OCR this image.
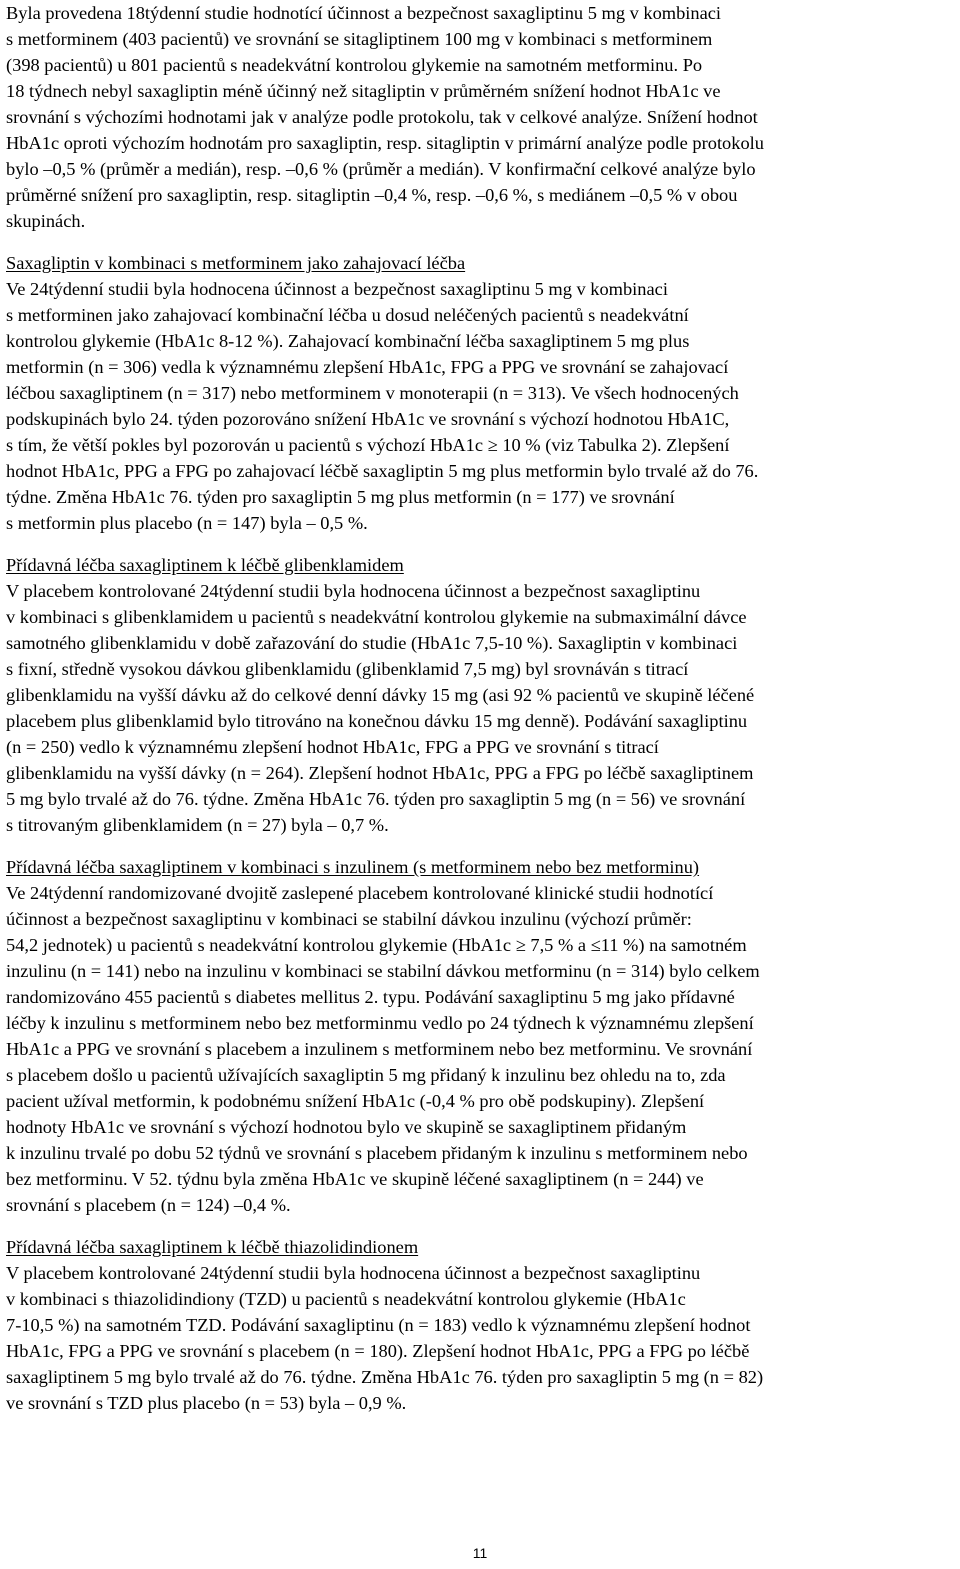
Byla provedena 18týdenní studie hodnotící účinnost a bezpečnost saxagliptinu 5 mg v kombinaci
s metforminem (403 pacientů) ve srovnání se sitagliptinem 100 mg v kombinaci s metforminem
(398 pacientů) u 801 pacientů s neadekvátní kontrolou glykemie na samotném metforminu. Po
18 týdnech nebyl saxagliptin méně účinný než sitagliptin v průměrném snížení hodnot HbA1c ve
srovnání s výchozími hodnotami jak v analýze podle protokolu, tak v celkové analýze. Snížení hodnot
HbA1c oproti výchozím hodnotám pro saxagliptin, resp. sitagliptin v primární analýze podle protokolu
bylo –0,5 % (průměr a medián), resp. –0,6 % (průměr a medián). V konfirmační celkové analýze bylo
průměrné snížení pro saxagliptin, resp. sitagliptin –0,4 %, resp. –0,6 %, s mediánem –0,5 % v obou
skupinách.
Saxagliptin v kombinaci s metforminem jako zahajovací léčba
Ve 24týdenní studii byla hodnocena účinnost a bezpečnost saxagliptinu 5 mg v kombinaci
s metforminen jako zahajovací kombinační léčba u dosud neléčených pacientů s neadekvátní
kontrolou glykemie (HbA1c 8-12 %). Zahajovací kombinační léčba saxagliptinem 5 mg plus
metformin (n = 306) vedla k významnému zlepšení HbA1c, FPG a PPG ve srovnání se zahajovací
léčbou saxagliptinem (n = 317) nebo metforminem v monoterapii (n = 313). Ve všech hodnocených
podskupinách bylo 24. týden pozorováno snížení HbA1c ve srovnání s výchozí hodnotou HbA1C,
s tím, že větší pokles byl pozorován u pacientů s výchozí HbA1c ≥ 10 % (viz Tabulka 2). Zlepšení
hodnot HbA1c, PPG a FPG po zahajovací léčbě saxagliptin 5 mg plus metformin bylo trvalé až do 76.
týdne. Změna HbA1c 76. týden pro saxagliptin 5 mg plus metformin (n = 177) ve srovnání
s metformin plus placebo (n = 147) byla – 0,5 %.
Přídavná léčba saxagliptinem k léčbě glibenklamidem
V placebem kontrolované 24týdenní studii byla hodnocena účinnost a bezpečnost saxagliptinu
v kombinaci s glibenklamidem u pacientů s neadekvátní kontrolou glykemie na submaximální dávce
samotného glibenklamidu v době zařazování do studie (HbA1c 7,5-10 %). Saxagliptin v kombinaci
s fixní, středně vysokou dávkou glibenklamidu (glibenklamid 7,5 mg) byl srovnáván s titrací
glibenklamidu na vyšší dávku až do celkové denní dávky 15 mg (asi 92 % pacientů ve skupině léčené
placebem plus glibenklamid bylo titrováno na konečnou dávku 15 mg denně). Podávání saxagliptinu
(n = 250) vedlo k významnému zlepšení hodnot HbA1c, FPG a PPG ve srovnání s titrací
glibenklamidu na vyšší dávky (n = 264). Zlepšení hodnot HbA1c, PPG a FPG po léčbě saxagliptinem
5 mg bylo trvalé až do 76. týdne. Změna HbA1c 76. týden pro saxagliptin 5 mg (n = 56) ve srovnání
s titrovaným glibenklamidem (n = 27) byla – 0,7 %.
Přídavná léčba saxagliptinem v kombinaci s inzulinem (s metforminem nebo bez metforminu)
Ve 24týdenní randomizované dvojitě zaslepené placebem kontrolované klinické studii hodnotící
účinnost a bezpečnost saxagliptinu v kombinaci se stabilní dávkou inzulinu (výchozí průměr:
54,2 jednotek) u pacientů s neadekvátní kontrolou glykemie (HbA1c ≥ 7,5 % a ≤11 %) na samotném
inzulinu (n = 141) nebo na inzulinu v kombinaci se stabilní dávkou metforminu (n = 314) bylo celkem
randomizováno 455 pacientů s diabetes mellitus 2. typu. Podávání saxagliptinu 5 mg jako přídavné
léčby k inzulinu s metforminem nebo bez metforminmu vedlo po 24 týdnech k významnému zlepšení
HbA1c a PPG ve srovnání s placebem a inzulinem s metforminem nebo bez metforminu. Ve srovnání
s placebem došlo u pacientů užívajících saxagliptin 5 mg přidaný k inzulinu bez ohledu na to, zda
pacient užíval metformin, k podobnému snížení HbA1c (-0,4 % pro obě podskupiny). Zlepšení
hodnoty HbA1c ve srovnání s výchozí hodnotou bylo ve skupině se saxagliptinem přidaným
k inzulinu trvalé po dobu 52 týdnů ve srovnání s placebem přidaným k inzulinu s metforminem nebo
bez metforminu. V 52. týdnu byla změna HbA1c ve skupině léčené saxagliptinem (n = 244) ve
srovnání s placebem (n = 124) –0,4 %.
Přídavná léčba saxagliptinem k léčbě thiazolidindionem
V placebem kontrolované 24týdenní studii byla hodnocena účinnost a bezpečnost saxagliptinu
v kombinaci s thiazolidindiony (TZD) u pacientů s neadekvátní kontrolou glykemie (HbA1c
7-10,5 %) na samotném TZD. Podávání saxagliptinu (n = 183) vedlo k významnému zlepšení hodnot
HbA1c, FPG a PPG ve srovnání s placebem (n = 180). Zlepšení hodnot HbA1c, PPG a FPG po léčbě
saxagliptinem 5 mg bylo trvalé až do 76. týdne. Změna HbA1c 76. týden pro saxagliptin 5 mg (n = 82)
ve srovnání s TZD plus placebo (n = 53) byla – 0,9 %.
11
